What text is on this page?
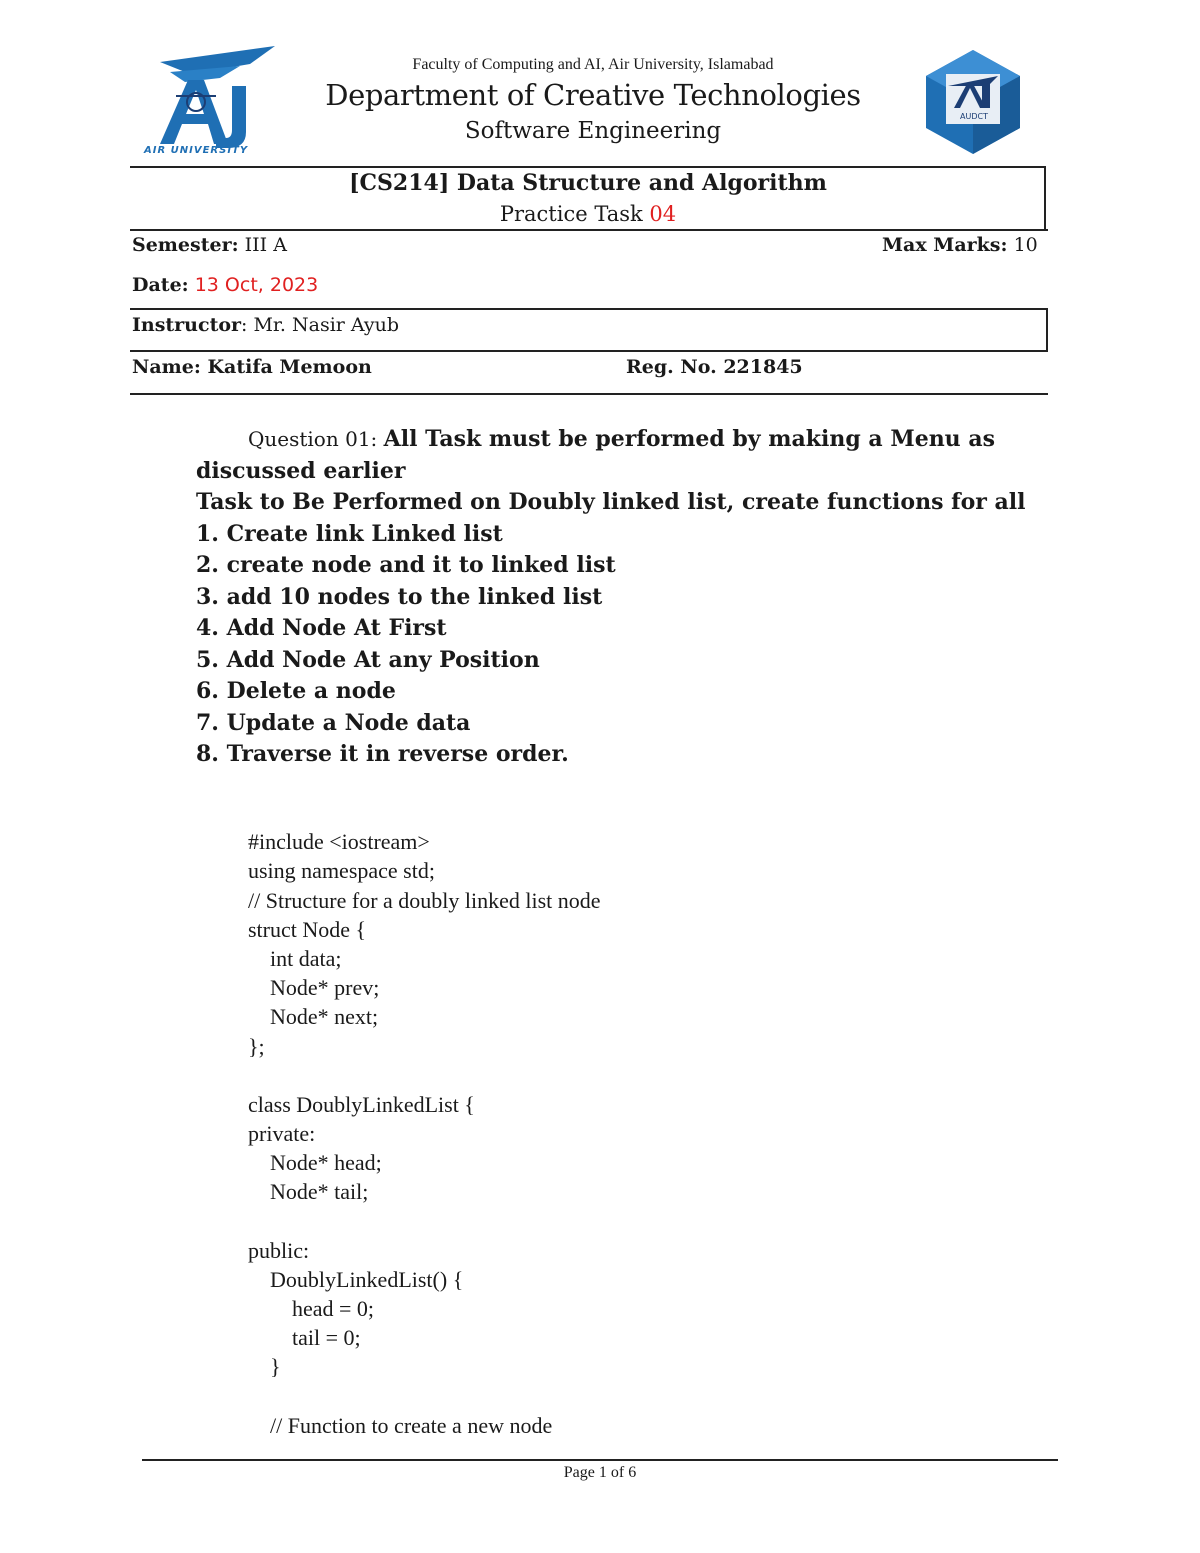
AIR UNIVERSITY
AUDCT
Faculty of Computing and AI, Air University, Islamabad
Department of Creative Technologies
Software Engineering
[CS214] Data Structure and Algorithm
Practice Task 04
Semester: III A	Max Marks: 10
Date: 13 Oct, 2023
Instructor: Mr. Nasir Ayub
Name: Katifa Memoon	Reg. No. 221845
Question 01: All Task must be performed by making a Menu as
discussed earlier
Task to Be Performed on Doubly linked list, create functions for all
1. Create link Linked list
2. create node and it to linked list
3. add 10 nodes to the linked list
4. Add Node At First
5. Add Node At any Position
6. Delete a node
7. Update a Node data
8. Traverse it in reverse order.

#include <iostream>
using namespace std;
// Structure for a doubly linked list node
struct Node {
int data;
Node* prev;
Node* next;
};
class DoublyLinkedList {
private:
Node* head;
Node* tail;
public:
DoublyLinkedList() {
head = 0;
tail = 0;
}
// Function to create a new node

Page 1 of 6
